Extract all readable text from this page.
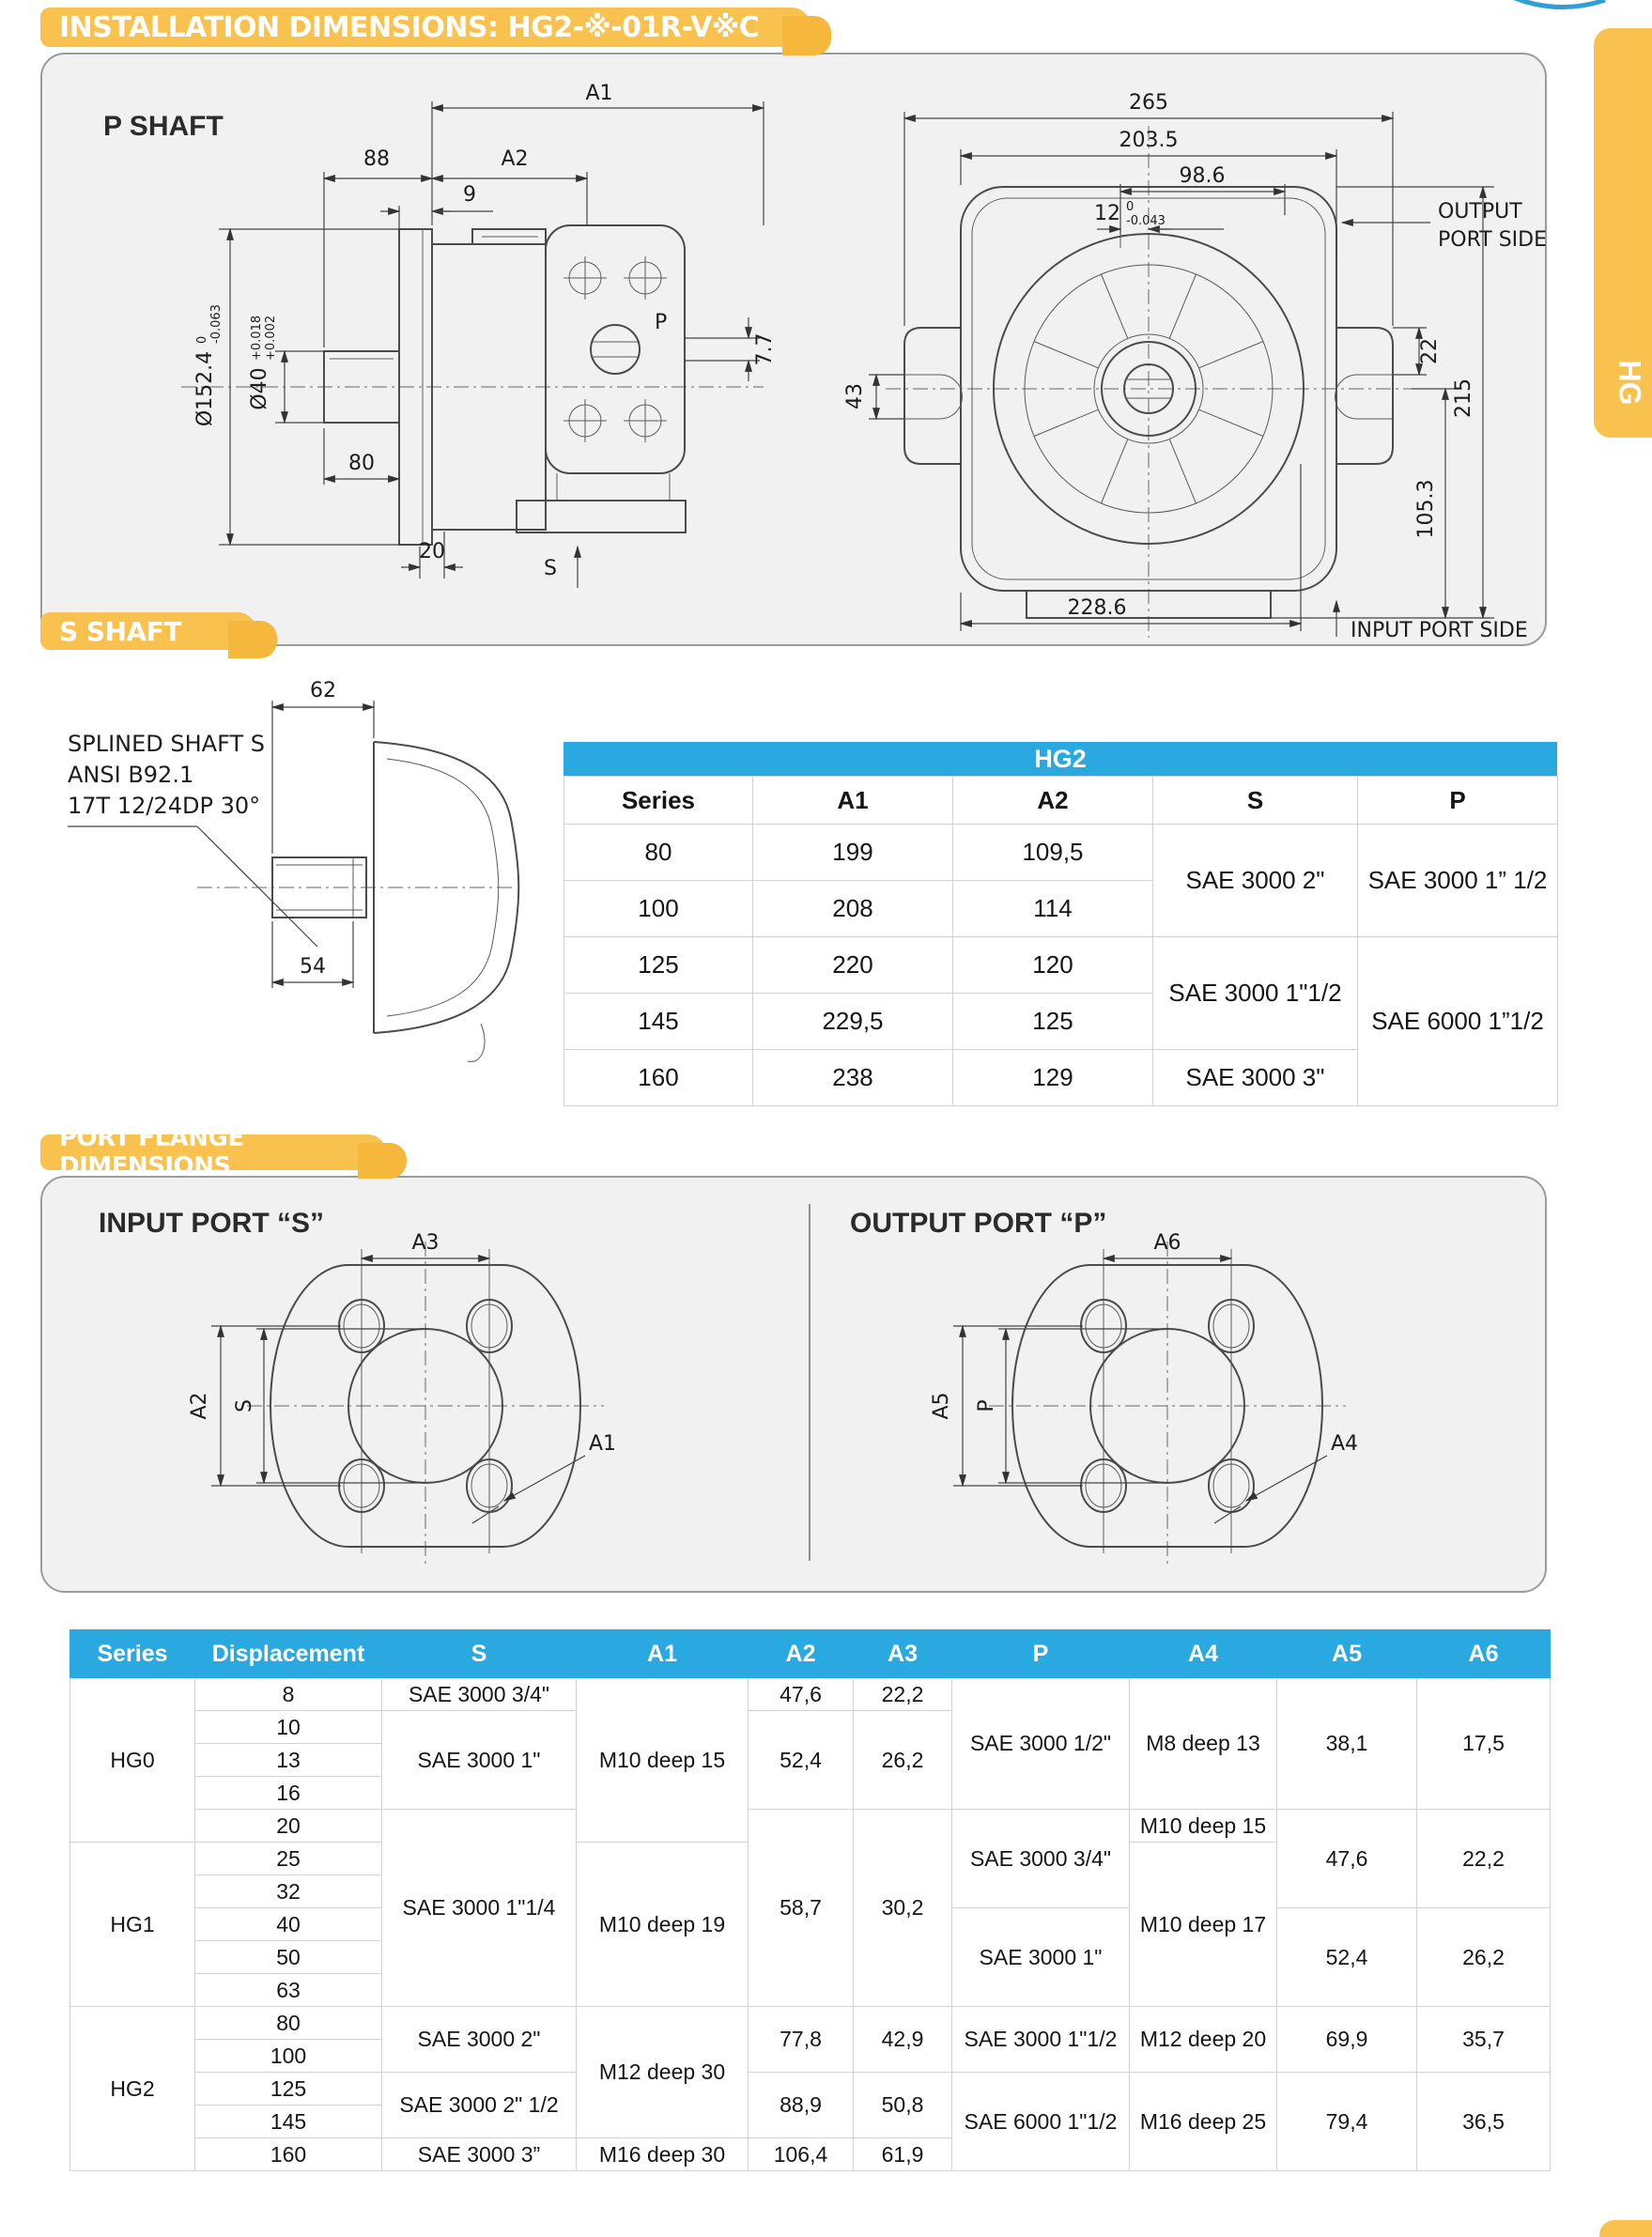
HG
INSTALLATION DIMENSIONS: HG2-※-01R-V※C
P SHAFT
A1
88	A2
9
Ø152.4
0 -0.063
Ø40
+0.018 +0.002
80
20
7.7
P
S
265
203.5
98.6
12 0
-0.043	OUTPUT
PORT SIDE
43
22
215
105.3
228.6
INPUT PORT SIDE
S SHAFT
SPLINED SHAFT S
ANSI B92.1
17T 12/24DP 30°
62
54
HG2
Series	A1	A2	S	P
80	199	109,5	SAE 3000 2"	SAE 3000 1” 1/2
100	208	114		
125	220	120	SAE 3000 1"1/2	SAE 6000 1”1/2
145	229,5	125		
160	238	129	SAE 3000 3"	
PORT FLANGE DIMENSIONS
INPUT PORT “S”	OUTPUT PORT “P”
A3
A2 S
A1
A6
A5 P
A4
Series	Displacement	S	A1	A2	A3	P	A4	A5	A6
HG0	8	SAE 3000 3/4"	M10 deep 15	47,6	22,2	SAE 3000 1/2"	M8 deep 13	38,1	17,5
	10	SAE 3000 1"		52,4	26,2				
	13								
	16								
	20	SAE 3000 1"1/4		58,7	30,2	SAE 3000 3/4"	M10 deep 15	47,6	22,2
HG1	25		M10 deep 19				M10 deep 17		
	32								
	40					SAE 3000 1"		52,4	26,2
	50								
	63								
HG2	80	SAE 3000 2"	M12 deep 30	77,8	42,9	SAE 3000 1"1/2	M12 deep 20	69,9	35,7
	100								
	125	SAE 3000 2" 1/2		88,9	50,8	SAE 6000 1"1/2	M16 deep 25	79,4	36,5
	145								
	160	SAE 3000 3”	M16 deep 30	106,4	61,9				
